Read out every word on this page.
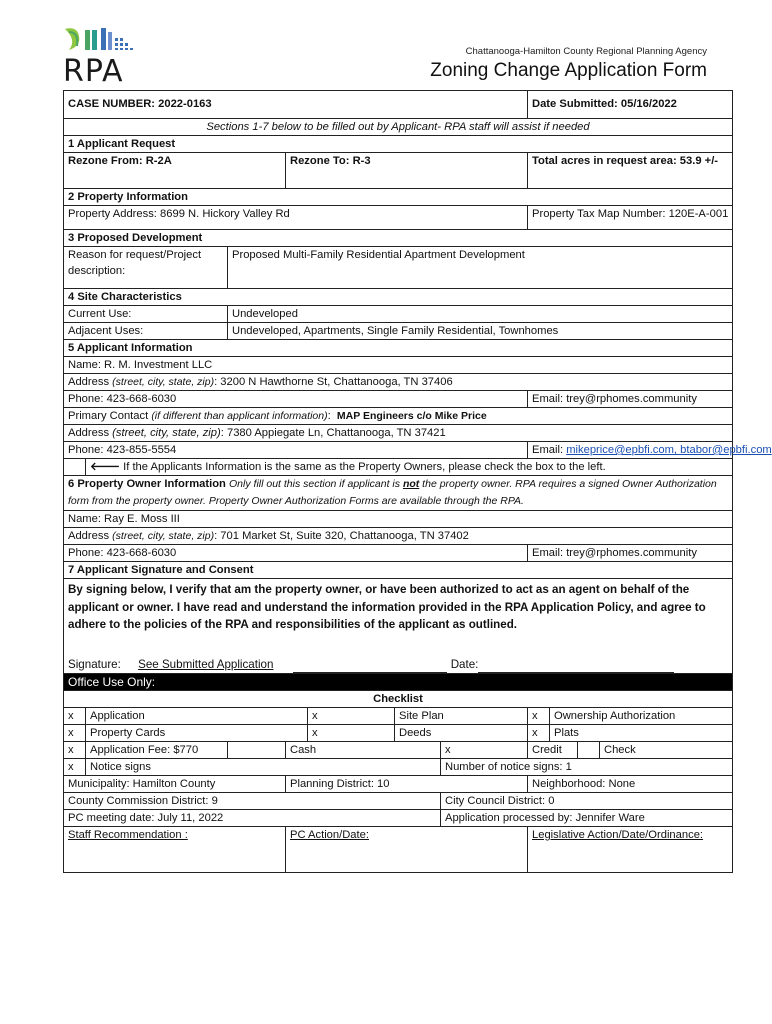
RPA
Chattanooga-Hamilton County Regional Planning Agency
Zoning Change Application Form
CASE NUMBER: 2022-0163							Date Submitted: 05/16/2022			
Sections 1-7 below to be filled out by Applicant- RPA staff will assist if needed										
1 Applicant Request										
Rezone From: R-2A			Rezone To: R-3				Total acres in request area: 53.9 +/-			
2 Property Information										
Property Address: 8699 N. Hickory Valley Rd							Property Tax Map Number: 120E-A-001			
3 Proposed Development										
Reason for request/Project description:		Proposed Multi-Family Residential Apartment Development								
4 Site Characteristics										
Current Use:		Undeveloped								
Adjacent Uses:		Undeveloped, Apartments, Single Family Residential, Townhomes								
5 Applicant Information										
Name: R. M. Investment LLC										
Address (street, city, state, zip): 3200 N Hawthorne St, Chattanooga, TN 37406										
Phone: 423-668-6030							Email: trey@rphomes.community			
Primary Contact (if different than applicant information):  MAP Engineers c/o Mike Price										
Address (street, city, state, zip): 7380 Appiegate Ln, Chattanooga, TN 37421										
Phone: 423-855-5554							Email: mikeprice@epbfi.com, btabor@epbfi.com			
	🡐 If the Applicants Information is the same as the Property Owners, please check the box to the left.									
6 Property Owner Information Only fill out this section if applicant is not the property owner. RPA requires a signed Owner Authorization form from the property owner. Property Owner Authorization Forms are available through the RPA.										
Name: Ray E. Moss III										
Address (street, city, state, zip): 701 Market St, Suite 320, Chattanooga, TN 37402										
Phone: 423-668-6030							Email: trey@rphomes.community			
7 Applicant Signature and Consent										

By signing below, I verify that am the property owner, or have been authorized to act as an agent on behalf of the applicant or owner. I have read and understand the information provided in the RPA Application Policy, and agree to adhere to the policies of the RPA and responsibilities of the applicant as outlined.
Signature: See Submitted Application Date:										

Office Use Only:										
Checklist										
x	Application			x	Site Plan		x	Ownership Authorization		
x	Property Cards			x	Deeds		x	Plats		
x	Application Fee: $770		Cash			x	Credit			Check
x	Notice signs					Number of notice signs: 1				
Municipality: Hamilton County			Planning District: 10				Neighborhood: None			
County Commission District: 9						City Council District: 0				
PC meeting date: July 11, 2022						Application processed by: Jennifer Ware				
Staff Recommendation :			PC Action/Date:				Legislative Action/Date/Ordinance:			
